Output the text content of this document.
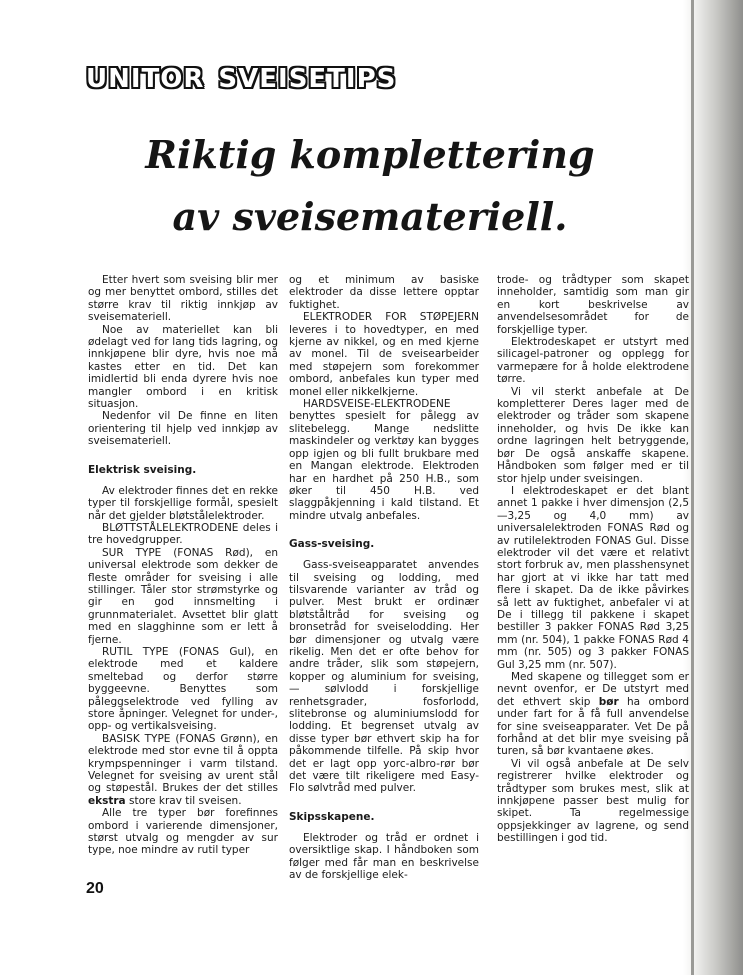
UNITOR SVEISETIPS
Riktig komplettering
av sveisemateriell.

Etter hvert som sveising blir mer og mer benyttet ombord, stilles det større krav til riktig innkjøp av sveisemateriell.

Noe av materiellet kan bli ødelagt ved for lang tids lagring, og innkjøpene blir dyre, hvis noe må kastes etter en tid. Det kan imidlertid bli enda dyrere hvis noe mangler ombord i en kritisk situasjon.

Nedenfor vil De finne en liten orientering til hjelp ved innkjøp av sveisemateriell.

Elektrisk sveising.

Av elektroder finnes det en rekke typer til forskjellige formål, spesielt når det gjelder bløtstålelektroder.

BLØTTSTÅLELEKTRODENE deles i tre hovedgrupper.

SUR TYPE (FONAS Rød), en universal elektrode som dekker de fleste områder for sveising i alle stillinger. Tåler stor strømstyrke og gir en god innsmelting i grunnmaterialet. Avsettet blir glatt med en slagghinne som er lett å fjerne.

RUTIL TYPE (FONAS Gul), en elektrode med et kaldere smeltebad og derfor større byggeevne. Benyttes som påleggselektrode ved fylling av store åpninger. Velegnet for under-, opp- og vertikalsveising.

BASISK TYPE (FONAS Grønn), en elektrode med stor evne til å oppta krympspenninger i varm tilstand. Velegnet for sveising av urent stål og støpestål. Brukes der det stilles ekstra store krav til sveisen.

Alle tre typer bør forefinnes ombord i varierende dimensjoner, størst utvalg og mengder av sur type, noe mindre av rutil typer

og et minimum av basiske elektroder da disse lettere opptar fuktighet.

ELEKTRODER FOR STØPEJERN leveres i to hovedtyper, en med kjerne av nikkel, og en med kjerne av monel. Til de sveisearbeider med støpejern som forekommer ombord, anbefales kun typer med monel eller nikkelkjerne.

HARDSVEISE-ELEKTRODENE benyttes spesielt for pålegg av slitebelegg. Mange nedslitte maskindeler og verktøy kan bygges opp igjen og bli fullt brukbare med en Mangan elektrode. Elektroden har en hardhet på 250 H.B., som øker til 450 H.B. ved slaggpåkjenning i kald tilstand. Et mindre utvalg anbefales.

Gass-sveising.

Gass-sveiseapparatet anvendes til sveising og lodding, med tilsvarende varianter av tråd og pulver. Mest brukt er ordinær bløtståltråd for sveising og bronsetråd for sveiselodding. Her bør dimensjoner og utvalg være rikelig. Men det er ofte behov for andre tråder, slik som støpejern, kopper og aluminium for sveising, — sølvlodd i forskjellige renhetsgrader, fosforlodd, slitebronse og aluminiumslodd for lodding. Et begrenset utvalg av disse typer bør ethvert skip ha for påkommende tilfelle. På skip hvor det er lagt opp yorc-albro-rør bør det være tilt rikeligere med Easy-Flo sølvtråd med pulver.

Skipsskapene.

Elektroder og tråd er ordnet i oversiktlige skap. I håndboken som følger med får man en beskrivelse av de forskjellige elek-

trode- og trådtyper som skapet inneholder, samtidig som man gir en kort beskrivelse av anvendelsesområdet for de forskjellige typer.

Elektrodeskapet er utstyrt med silicagel-patroner og opplegg for varmepære for å holde elektrodene tørre.

Vi vil sterkt anbefale at De kompletterer Deres lager med de elektroder og tråder som skapene inneholder, og hvis De ikke kan ordne lagringen helt betryggende, bør De også anskaffe skapene. Håndboken som følger med er til stor hjelp under sveisingen.

I elektrodeskapet er det blant annet 1 pakke i hver dimensjon (2,5—3,25 og 4,0 mm) av universalelektroden FONAS Rød og av rutilelektroden FONAS Gul. Disse elektroder vil det være et relativt stort forbruk av, men plasshensynet har gjort at vi ikke har tatt med flere i skapet. Da de ikke påvirkes så lett av fuktighet, anbefaler vi at De i tillegg til pakkene i skapet bestiller 3 pakker FONAS Rød 3,25 mm (nr. 504), 1 pakke FONAS Rød 4 mm (nr. 505) og 3 pakker FONAS Gul 3,25 mm (nr. 507).

Med skapene og tillegget som er nevnt ovenfor, er De utstyrt med det ethvert skip bør ha ombord under fart for å få full anvendelse for sine sveiseapparater. Vet De på forhånd at det blir mye sveising på turen, så bør kvantaene økes.

Vi vil også anbefale at De selv registrerer hvilke elektroder og trådtyper som brukes mest, slik at innkjøpene passer best mulig for skipet. Ta regelmessige oppsjekkinger av lagrene, og send bestillingen i god tid.

20
